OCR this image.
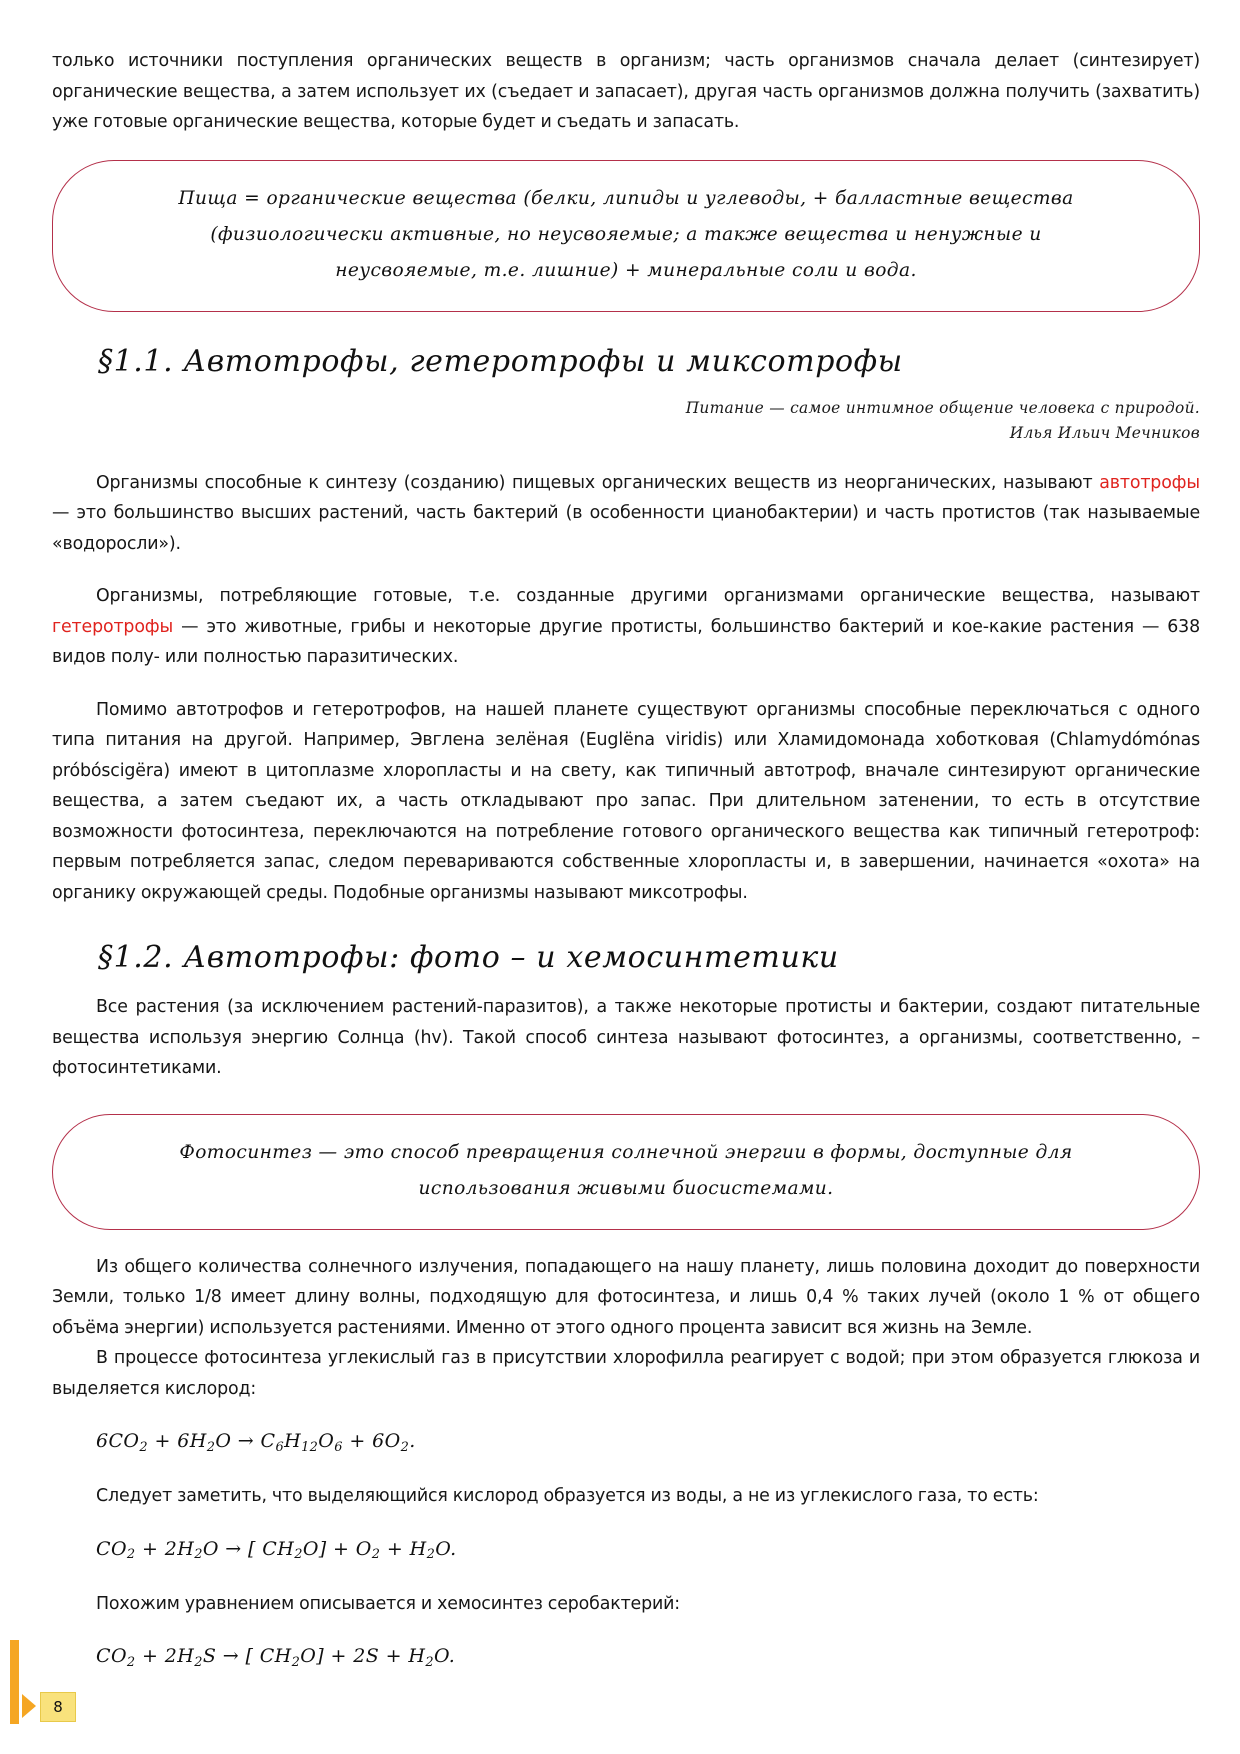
только источники поступления органических веществ в организм; часть организмов сначала делает (синтезирует) органические вещества, а затем использует их (съедает и запасает), другая часть организмов должна получить (захватить) уже готовые органические вещества, которые будет и съедать и запасать.

Пища = органические вещества (белки, липиды и углеводы, + балластные вещества
(физиологически активные, но неусвояемые; а также вещества и ненужные и
неусвояемые, т.е. лишние) + минеральные соли и вода.
§1.1. Автотрофы, гетеротрофы и миксотрофы
Питание — самое интимное общение человека с природой.
Илья Ильич Мечников

Организмы способные к синтезу (созданию) пищевых органических веществ из неорганических, называют автотрофы — это большинство высших растений, часть бактерий (в особенности цианобактерии) и часть протистов (так называемые «водоросли»).

Организмы, потребляющие готовые, т.е. созданные другими организмами органические вещества, называют гетеротрофы — это животные, грибы и некоторые другие протисты, большинство бактерий и кое-какие растения — 638 видов полу- или полностью паразитических.

Помимо автотрофов и гетеротрофов, на нашей планете существуют организмы способные переключаться с одного типа питания на другой. Например, Эвглена зелёная (Euglёna viridis) или Хламидомонада хоботковая (Chlamydómónas próbóscigёra) имеют в цитоплазме хлоропласты и на свету, как типичный автотроф, вначале синтезируют органические вещества, а затем съедают их, а часть откладывают про запас. При длительном затенении, то есть в отсутствие возможности фотосинтеза, переключаются на потребление готового органического вещества как типичный гетеротроф: первым потребляется запас, следом перевариваются собственные хлоропласты и, в завершении, начинается «охота» на органику окружающей среды. Подобные организмы называют миксотрофы.

§1.2. Автотрофы: фото – и хемосинтетики

Все растения (за исключением растений-паразитов), а также некоторые протисты и бактерии, создают питательные вещества используя энергию Солнца (hv). Такой способ синтеза называют фотосинтез, а организмы, соответственно, – фотосинтетиками.

Фотосинтез — это способ превращения солнечной энергии в формы, доступные для
использования живыми биосистемами.

Из общего количества солнечного излучения, попадающего на нашу планету, лишь половина доходит до поверхности Земли, только 1/8 имеет длину волны, подходящую для фотосинтеза, и лишь 0,4 % таких лучей (около 1 % от общего объёма энергии) используется растениями. Именно от этого одного процента зависит вся жизнь на Земле.

В процессе фотосинтеза углекислый газ в присутствии хлорофилла реагирует с водой; при этом образуется глюкоза и выделяется кислород:

$6CO_2 + 6H_2O \to C_6H_{12}O_6 + 6O_2$.

Следует заметить, что выделяющийся кислород образуется из воды, а не из углекислого газа, то есть:

$CO_2 + 2H_2O$ → [ $CH_2O] + O_2 + H_2O$.

Похожим уравнением описывается и хемосинтез серобактерий:

$CO_2 + 2H_2S$ → [ $CH_2O] + 2S + H_2O$.
8
